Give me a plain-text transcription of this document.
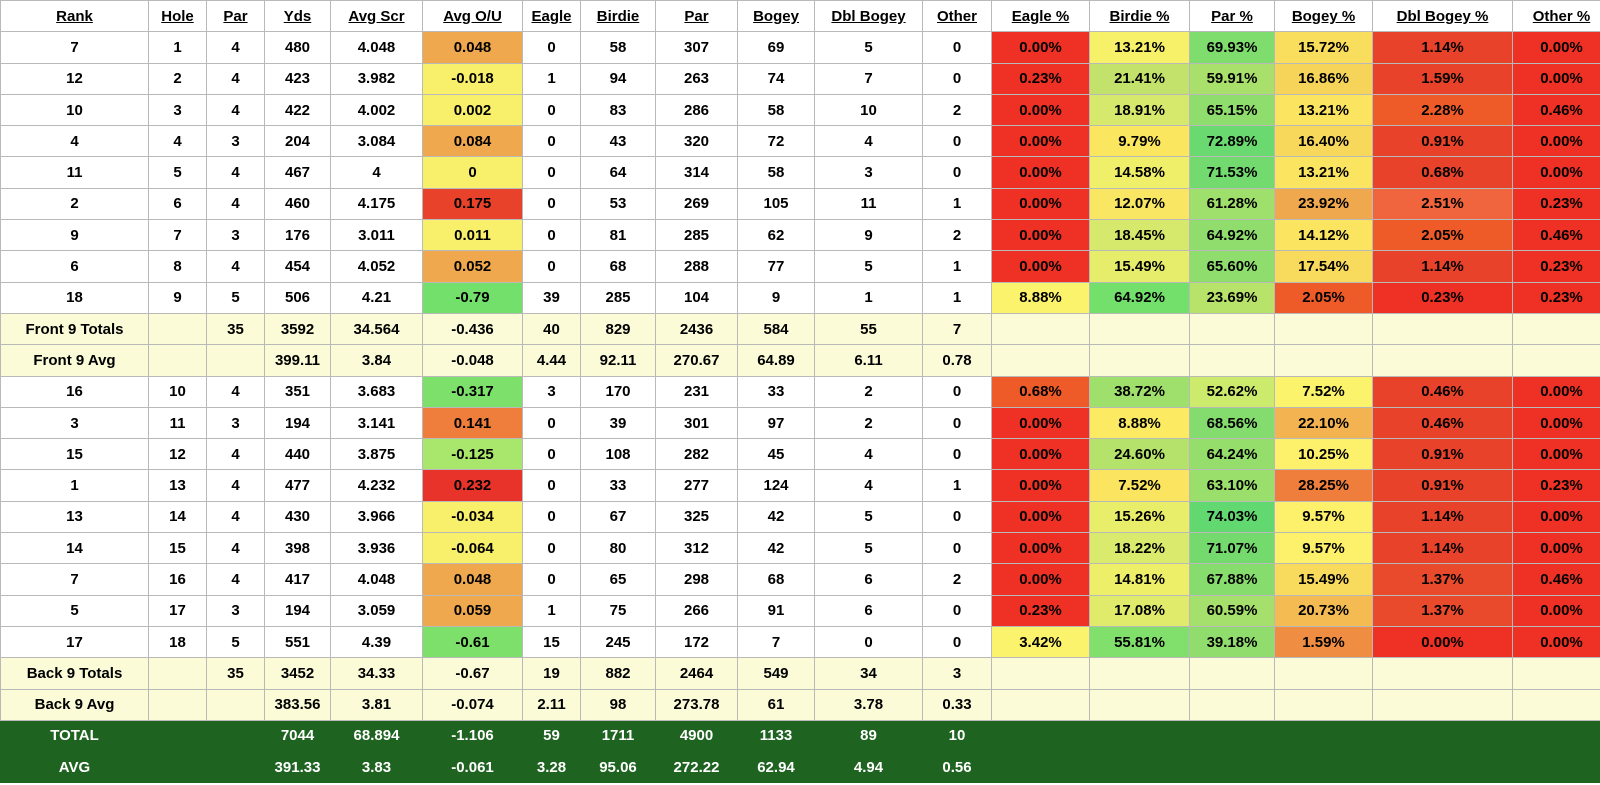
Rank	Hole	Par	Yds	Avg Scr	Avg O/U	Eagle	Birdie	Par	Bogey	Dbl Bogey	Other	Eagle %	Birdie %	Par %	Bogey %	Dbl Bogey %	Other %
7	1	4	480	4.048	0.048	0	58	307	69	5	0	0.00%	13.21%	69.93%	15.72%	1.14%	0.00%
12	2	4	423	3.982	-0.018	1	94	263	74	7	0	0.23%	21.41%	59.91%	16.86%	1.59%	0.00%
10	3	4	422	4.002	0.002	0	83	286	58	10	2	0.00%	18.91%	65.15%	13.21%	2.28%	0.46%
4	4	3	204	3.084	0.084	0	43	320	72	4	0	0.00%	9.79%	72.89%	16.40%	0.91%	0.00%
11	5	4	467	4	0	0	64	314	58	3	0	0.00%	14.58%	71.53%	13.21%	0.68%	0.00%
2	6	4	460	4.175	0.175	0	53	269	105	11	1	0.00%	12.07%	61.28%	23.92%	2.51%	0.23%
9	7	3	176	3.011	0.011	0	81	285	62	9	2	0.00%	18.45%	64.92%	14.12%	2.05%	0.46%
6	8	4	454	4.052	0.052	0	68	288	77	5	1	0.00%	15.49%	65.60%	17.54%	1.14%	0.23%
18	9	5	506	4.21	-0.79	39	285	104	9	1	1	8.88%	64.92%	23.69%	2.05%	0.23%	0.23%
Front 9 Totals		35	3592	34.564	-0.436	40	829	2436	584	55	7						
Front 9 Avg			399.11	3.84	-0.048	4.44	92.11	270.67	64.89	6.11	0.78						
16	10	4	351	3.683	-0.317	3	170	231	33	2	0	0.68%	38.72%	52.62%	7.52%	0.46%	0.00%
3	11	3	194	3.141	0.141	0	39	301	97	2	0	0.00%	8.88%	68.56%	22.10%	0.46%	0.00%
15	12	4	440	3.875	-0.125	0	108	282	45	4	0	0.00%	24.60%	64.24%	10.25%	0.91%	0.00%
1	13	4	477	4.232	0.232	0	33	277	124	4	1	0.00%	7.52%	63.10%	28.25%	0.91%	0.23%
13	14	4	430	3.966	-0.034	0	67	325	42	5	0	0.00%	15.26%	74.03%	9.57%	1.14%	0.00%
14	15	4	398	3.936	-0.064	0	80	312	42	5	0	0.00%	18.22%	71.07%	9.57%	1.14%	0.00%
7	16	4	417	4.048	0.048	0	65	298	68	6	2	0.00%	14.81%	67.88%	15.49%	1.37%	0.46%
5	17	3	194	3.059	0.059	1	75	266	91	6	0	0.23%	17.08%	60.59%	20.73%	1.37%	0.00%
17	18	5	551	4.39	-0.61	15	245	172	7	0	0	3.42%	55.81%	39.18%	1.59%	0.00%	0.00%
Back 9 Totals		35	3452	34.33	-0.67	19	882	2464	549	34	3						
Back 9 Avg			383.56	3.81	-0.074	2.11	98	273.78	61	3.78	0.33						
TOTAL			7044	68.894	-1.106	59	1711	4900	1133	89	10						
AVG			391.33	3.83	-0.061	3.28	95.06	272.22	62.94	4.94	0.56						
